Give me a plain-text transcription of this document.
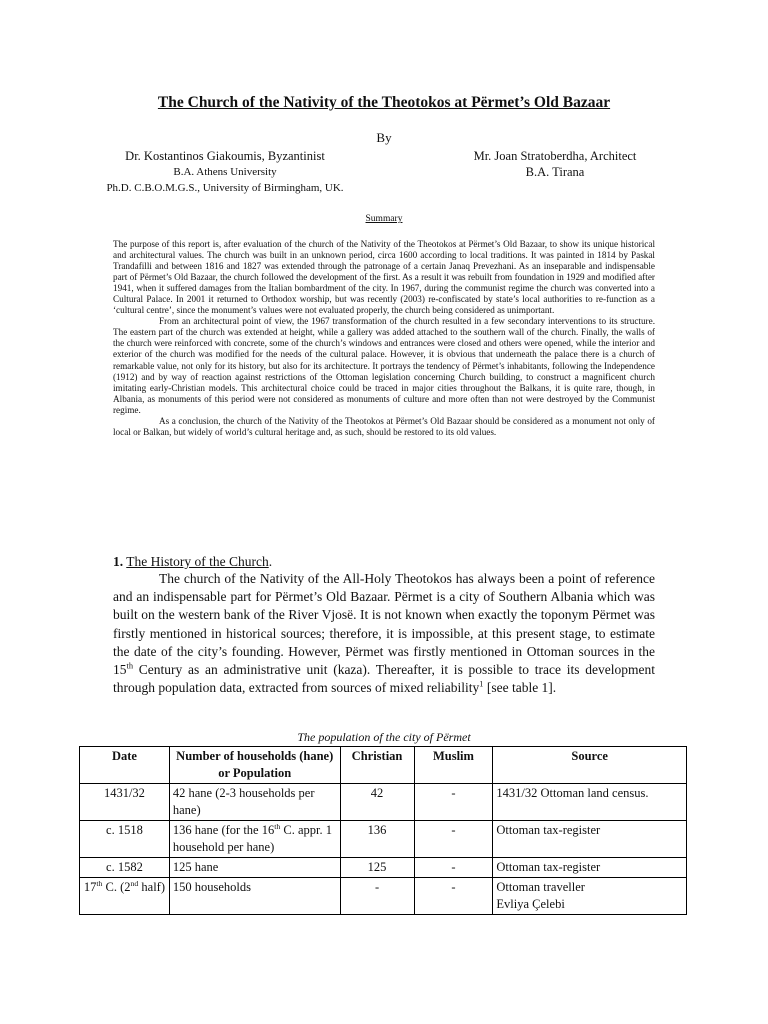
The Church of the Nativity of the Theotokos at Përmet’s Old Bazaar
By
Dr. Kostantinos Giakoumis, Byzantinist
B.A. Athens University
Ph.D. C.B.O.M.G.S., University of Birmingham, UK.
Mr. Joan Stratoberdha, Architect
B.A. Tirana
Summary

The purpose of this report is, after evaluation of the church of the Nativity of the Theotokos at Përmet’s Old Bazaar, to show its unique historical and architectural values. The church was built in an unknown period, circa 1600 according to local traditions. It was painted in 1814 by Paskal Trandafilli and between 1816 and 1827 was extended through the patronage of a certain Janaq Prevezhani. As an inseparable and indispensable part of Përmet’s Old Bazaar, the church followed the development of the first. As a result it was rebuilt from foundation in 1929 and modified after 1941, when it suffered damages from the Italian bombardment of the city. In 1967, during the communist regime the church was converted into a Cultural Palace. In 2001 it returned to Orthodox worship, but was recently (2003) re-confiscated by state’s local authorities to re-function as a ‘cultural centre’, since the monument’s values were not evaluated properly, the church being considered as unimportant.

From an architectural point of view, the 1967 transformation of the church resulted in a few secondary interventions to its structure. The eastern part of the church was extended at height, while a gallery was added attached to the southern wall of the church. Finally, the walls of the church were reinforced with concrete, some of the church’s windows and entrances were closed and others were opened, while the interior and exterior of the church was modified for the needs of the cultural palace. However, it is obvious that underneath the palace there is a church of remarkable value, not only for its history, but also for its architecture. It portrays the tendency of Përmet’s inhabitants, following the Independence (1912) and by way of reaction against restrictions of the Ottoman legislation concerning Church building, to construct a magnificent church imitating early-Christian models. This architectural choice could be traced in major cities throughout the Balkans, it is quite rare, though, in Albania, as monuments of this period were not considered as monuments of culture and more often than not were destroyed by the Communist regime.

As a conclusion, the church of the Nativity of the Theotokos at Përmet’s Old Bazaar should be considered as a monument not only of local or Balkan, but widely of world’s cultural heritage and, as such, should be restored to its old values.

1. The History of the Church.

The church of the Nativity of the All-Holy Theotokos has always been a point of reference and an indispensable part for Përmet’s Old Bazaar. Përmet is a city of Southern Albania which was built on the western bank of the River Vjosë. It is not known when exactly the toponym Përmet was firstly mentioned in historical sources; therefore, it is impossible, at this present stage, to estimate the date of the city’s founding. However, Përmet was firstly mentioned in Ottoman sources in the 15th Century as an administrative unit (kaza). Thereafter, it is possible to trace its development through population data, extracted from sources of mixed reliability$^1$ [see table 1].

The population of the city of Përmet
Date	Number of households (hane) or Population	Christian	Muslim	Source
1431/32	42 hane (2-3 households per hane)	42	-	1431/32 Ottoman land census.
c. 1518	136 hane (for the 16th C. appr. 1 household per hane)	136	-	Ottoman tax-register
c. 1582	125 hane	125	-	Ottoman tax-register
17th C. (2nd half)	150 households	-	-	Ottoman traveller
Evliya Çelebi
